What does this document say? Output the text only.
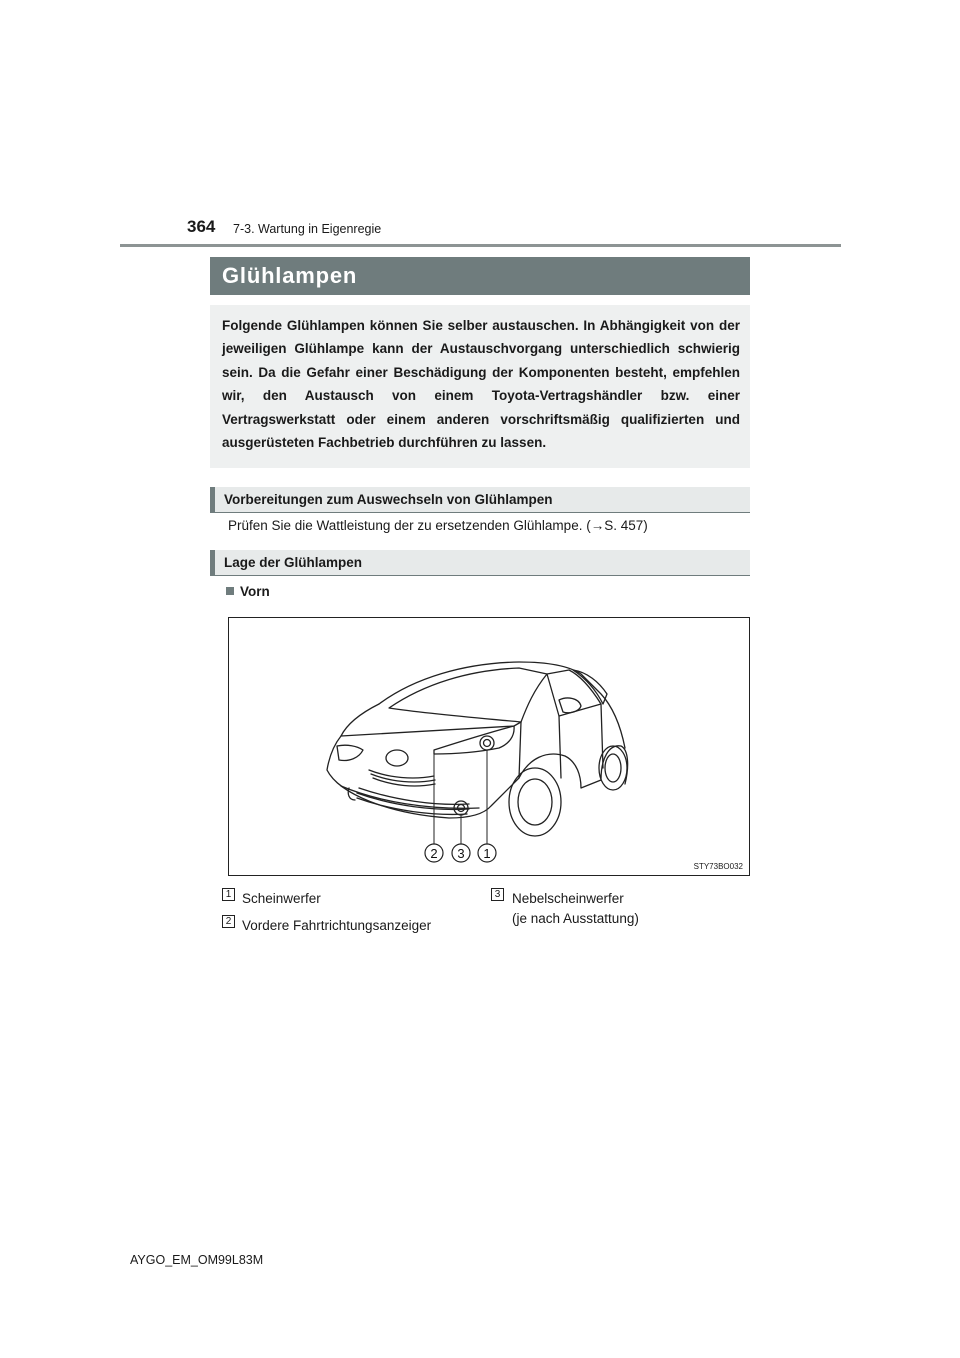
364 7-3. Wartung in Eigenregie
Glühlampen
Folgende Glühlampen können Sie selber austauschen. In Abhängigkeit von der jeweiligen Glühlampe kann der Austauschvorgang unterschiedlich schwierig sein. Da die Gefahr einer Beschädigung der Komponenten besteht, empfehlen wir, den Austausch von einem Toyota-Vertragshändler bzw. einer Vertragswerkstatt oder einem anderen vorschriftsmäßig qualifizierten und ausgerüsteten Fachbetrieb durchführen zu lassen.
Vorbereitungen zum Auswechseln von Glühlampen
Prüfen Sie die Wattleistung der zu ersetzenden Glühlampe. (→S. 457)
Lage der Glühlampen
Vorn
2 3 1
STY73BO032
1 Scheinwerfer
2 Vordere Fahrtrichtungsanzeiger
3 Nebelscheinwerfer
(je nach Ausstattung)
AYGO_EM_OM99L83M
